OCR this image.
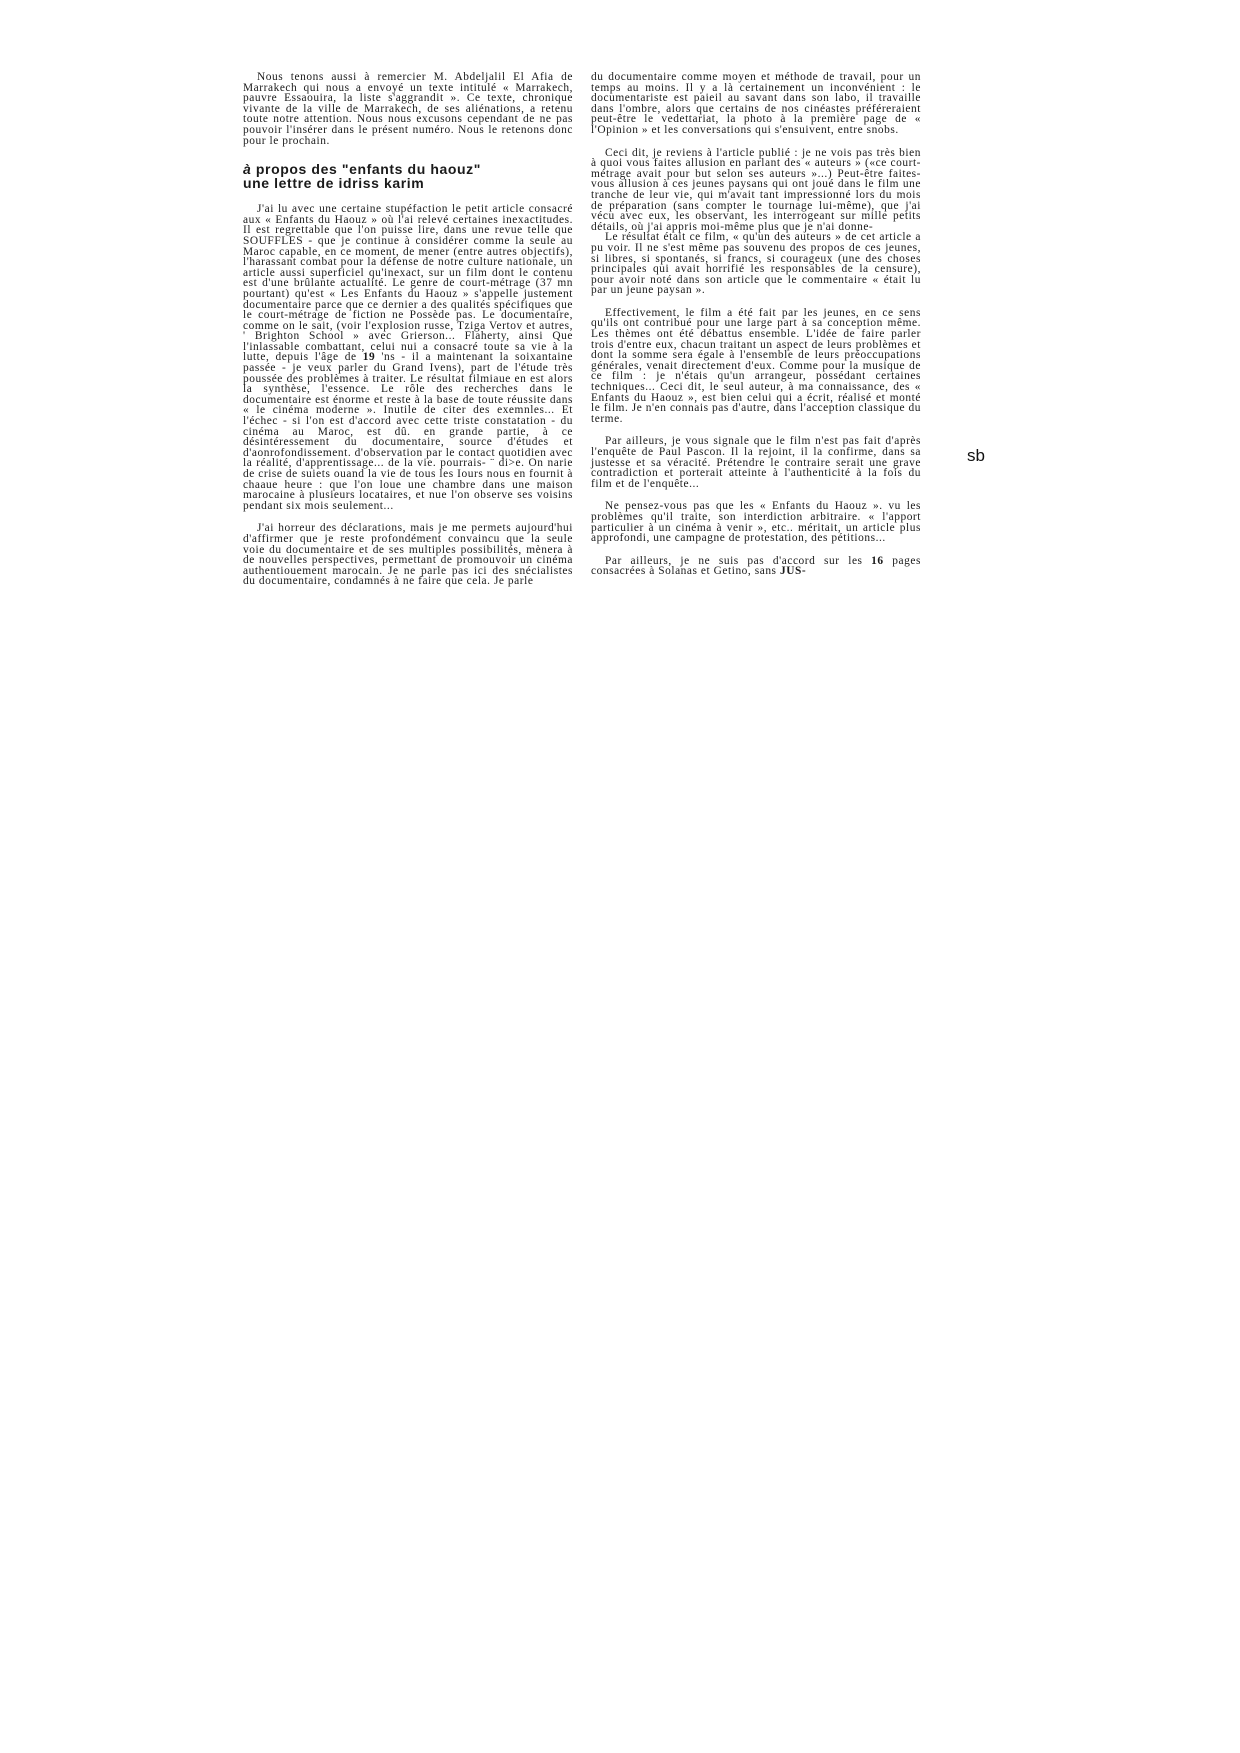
Nous tenons aussi à remercier M. Abdeljalil El Afia de Marrakech qui nous a envoyé un texte intitulé « Marrakech, pauvre Essaouira, la liste s'aggrandit ». Ce texte, chronique vivante de la ville de Marrakech, de ses aliénations, a retenu toute notre attention. Nous nous excusons cependant de ne pas pouvoir l'insérer dans le présent numéro. Nous le retenons donc pour le prochain.

à propos des "enfants du haouz"
une lettre de idriss karim

J'ai lu avec une certaine stupéfaction le petit article consacré aux « Enfants du Haouz » où l'ai relevé certaines inexactitudes. Il est regrettable que l'on puisse lire, dans une revue telle que SOUFFLES - que je continue à considérer comme la seule au Maroc capable, en ce moment, de mener (entre autres objectifs), l'harassant combat pour la défense de notre culture nationale, un article aussi superficiel qu'inexact, sur un film dont le contenu est d'une brûlante actualité. Le genre de court-métrage (37 mn pourtant) qu'est « Les Enfants du Haouz » s'appelle justement documentaire parce que ce dernier a des qualités spécifiques que le court-métrage de fiction ne Possède pas. Le documentaire, comme on le sait, (voir l'explosion russe, Tziga Vertov et autres, ' Brighton School » avec Grierson... Flaherty, ainsi Que l'inlassable combattant, celui nui a consacré toute sa vie à la lutte, depuis l'âge de 19 'ns - il a maintenant la soixantaine passée - je veux parler du Grand Ivens), part de l'étude très poussée des problèmes à traiter. Le résultat filmiaue en est alors la synthèse, l'essence. Le rôle des recherches dans le documentaire est énorme et reste à la base de toute réussite dans « le cinéma moderne ». Inutile de citer des exemnles... Et l'échec - si l'on est d'accord avec cette triste constatation - du cinéma au Maroc, est dû. en grande partie, à ce désintéressement du documentaire, source d'études et d'aonrofondissement. d'observation par le contact quotidien avec la réalité, d'apprentissage... de la vie. pourrais- ¨ di>e. On narie de crise de suiets ouand la vie de tous les Iours nous en fournit à chaaue heure : que l'on loue une chambre dans une maison marocaine à plusieurs locataires, et nue l'on observe ses voisins pendant six mois seulement...

J'ai horreur des déclarations, mais je me permets aujourd'hui d'affirmer que je reste profondément convaincu que la seule voie du documentaire et de ses multiples possibilités, mènera à de nouvelles perspectives, permettant de promouvoir un cinéma authentiouement marocain. Je ne parle pas ici des snécialistes du documentaire, condamnés à ne faire que cela. Je parle

du documentaire comme moyen et méthode de travail, pour un temps au moins. Il y a là certainement un inconvénient : le documentariste est paieil au savant dans son labo, il travaille dans l'ombre, alors que certains de nos cinéastes préféreraient peut-être le vedettariat, la photo à la première page de « l'Opinion » et les conversations qui s'ensuivent, entre snobs.

Ceci dit, je reviens à l'article publié : je ne vois pas très bien à quoi vous faites allusion en parlant des « auteurs » («ce court-métrage avait pour but selon ses auteurs »...) Peut-être faites-vous allusion à ces jeunes paysans qui ont joué dans le film une tranche de leur vie, qui m'avait tant impressionné lors du mois de préparation (sans compter le tournage lui-même), que j'ai vécu avec eux, les observant, les interrogeant sur mille petits détails, où j'ai appris moi-même plus que je n'ai donne-

Le résultat était ce film, « qu'un des auteurs » de cet article a pu voir. Il ne s'est même pas souvenu des propos de ces jeunes, si libres, si spontanés, si francs, si courageux (une des choses principales qui avait horrifié les responsables de la censure), pour avoir noté dans son article que le commentaire « était lu par un jeune paysan ».

Effectivement, le film a été fait par les jeunes, en ce sens qu'ils ont contribué pour une large part à sa conception même. Les thèmes ont été débattus ensemble. L'idée de faire parler trois d'entre eux, chacun traitant un aspect de leurs problèmes et dont la somme sera égale à l'ensemble de leurs préoccupations générales, venait directement d'eux. Comme pour la musique de ce film : je n'étais qu'un arrangeur, possédant certaines techniques... Ceci dit, le seul auteur, à ma connaissance, des « Enfants du Haouz », est bien celui qui a écrit, réalisé et monté le film. Je n'en connais pas d'autre, dans l'acception classique du terme.

Par ailleurs, je vous signale que le film n'est pas fait d'après l'enquête de Paul Pascon. Il la rejoint, il la confirme, dans sa justesse et sa véracité. Prétendre le contraire serait une grave contradiction et porterait atteinte à l'authenticité à la fois du film et de l'enquête...

Ne pensez-vous pas que les « Enfants du Haouz ». vu les problèmes qu'il traite, son interdiction arbitraire. « l'apport particulier à un cinéma à venir », etc.. méritait, un article plus approfondi, une campagne de protestation, des pétitions...

Par ailleurs, je ne suis pas d'accord sur les 16 pages consacrées à Solanas et Getino, sans JUS-

sb
